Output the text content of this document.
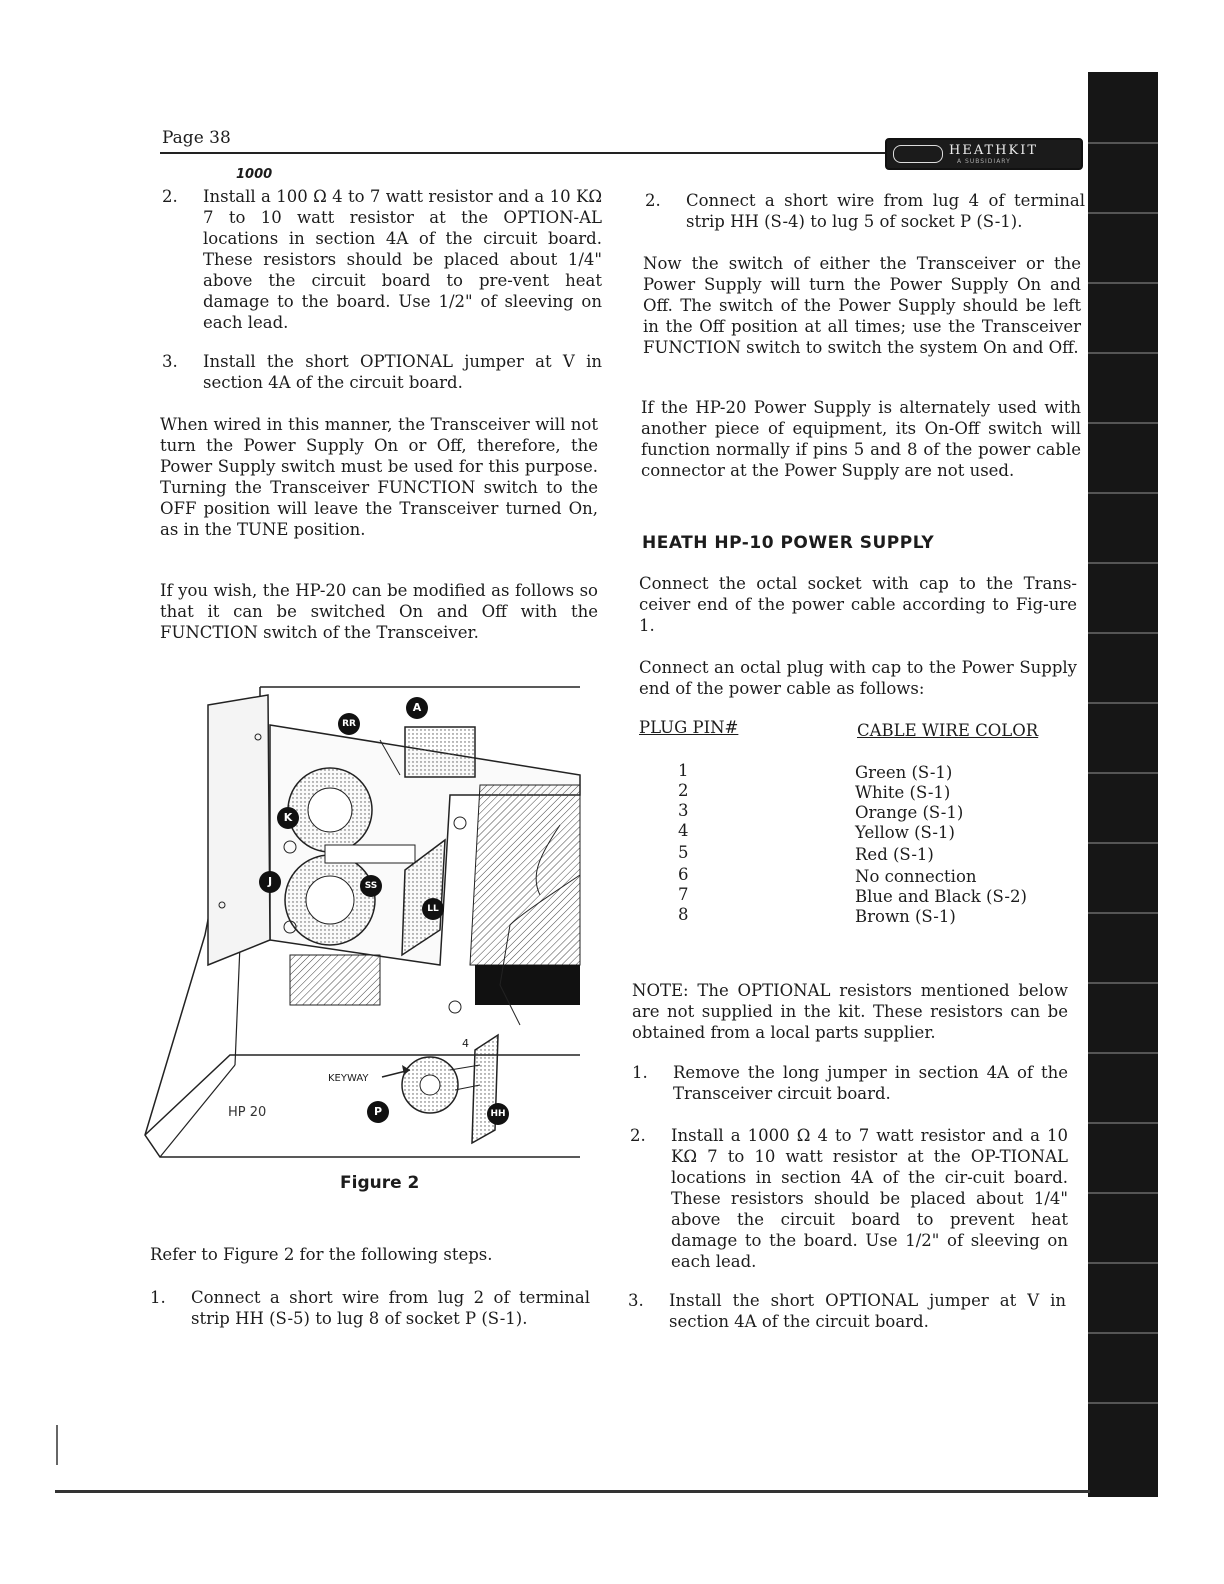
Page 38
HEATHKIT
A SUBSIDIARY
1000
2. Install a 100 Ω 4 to 7 watt resistor and a 10 KΩ 7 to 10 watt resistor at the OPTION-AL locations in section 4A of the circuit board. These resistors should be placed about 1/4" above the circuit board to pre-vent heat damage to the board. Use 1/2" of sleeving on each lead.
3. Install the short OPTIONAL jumper at V in section 4A of the circuit board.
When wired in this manner, the Transceiver will not turn the Power Supply On or Off, therefore, the Power Supply switch must be used for this purpose. Turning the Transceiver FUNCTION switch to the OFF position will leave the Transceiver turned On, as in the TUNE position.
If you wish, the HP-20 can be modified as follows so that it can be switched On and Off with the FUNCTION switch of the Transceiver.
A
RR
K
J	SS
LL
P	HH
KEYWAY
HP 20
4
Figure 2
Refer to Figure 2 for the following steps.
1. Connect a short wire from lug 2 of terminal strip HH (S-5) to lug 8 of socket P (S-1).
2. Connect a short wire from lug 4 of terminal strip HH (S-4) to lug 5 of socket P (S-1).
Now the switch of either the Transceiver or the Power Supply will turn the Power Supply On and Off. The switch of the Power Supply should be left in the Off position at all times; use the Transceiver FUNCTION switch to switch the system On and Off.
If the HP-20 Power Supply is alternately used with another piece of equipment, its On-Off switch will function normally if pins 5 and 8 of the power cable connector at the Power Supply are not used.
HEATH HP-10 POWER SUPPLY
Connect the octal socket with cap to the Trans-ceiver end of the power cable according to Fig-ure 1.
Connect an octal plug with cap to the Power Supply end of the power cable as follows:
PLUG PIN#	CABLE WIRE COLOR
1	Green (S-1)
2	White (S-1)
3	Orange (S-1)
4	Yellow (S-1)
5	Red (S-1)
6	No connection
7	Blue and Black (S-2)
8	Brown (S-1)
NOTE: The OPTIONAL resistors mentioned below are not supplied in the kit. These resistors can be obtained from a local parts supplier.
1. Remove the long jumper in section 4A of the Transceiver circuit board.
2. Install a 1000 Ω 4 to 7 watt resistor and a 10 KΩ 7 to 10 watt resistor at the OP-TIONAL locations in section 4A of the cir-cuit board. These resistors should be placed about 1/4" above the circuit board to prevent heat damage to the board. Use 1/2" of sleeving on each lead.
3. Install the short OPTIONAL jumper at V in section 4A of the circuit board.
